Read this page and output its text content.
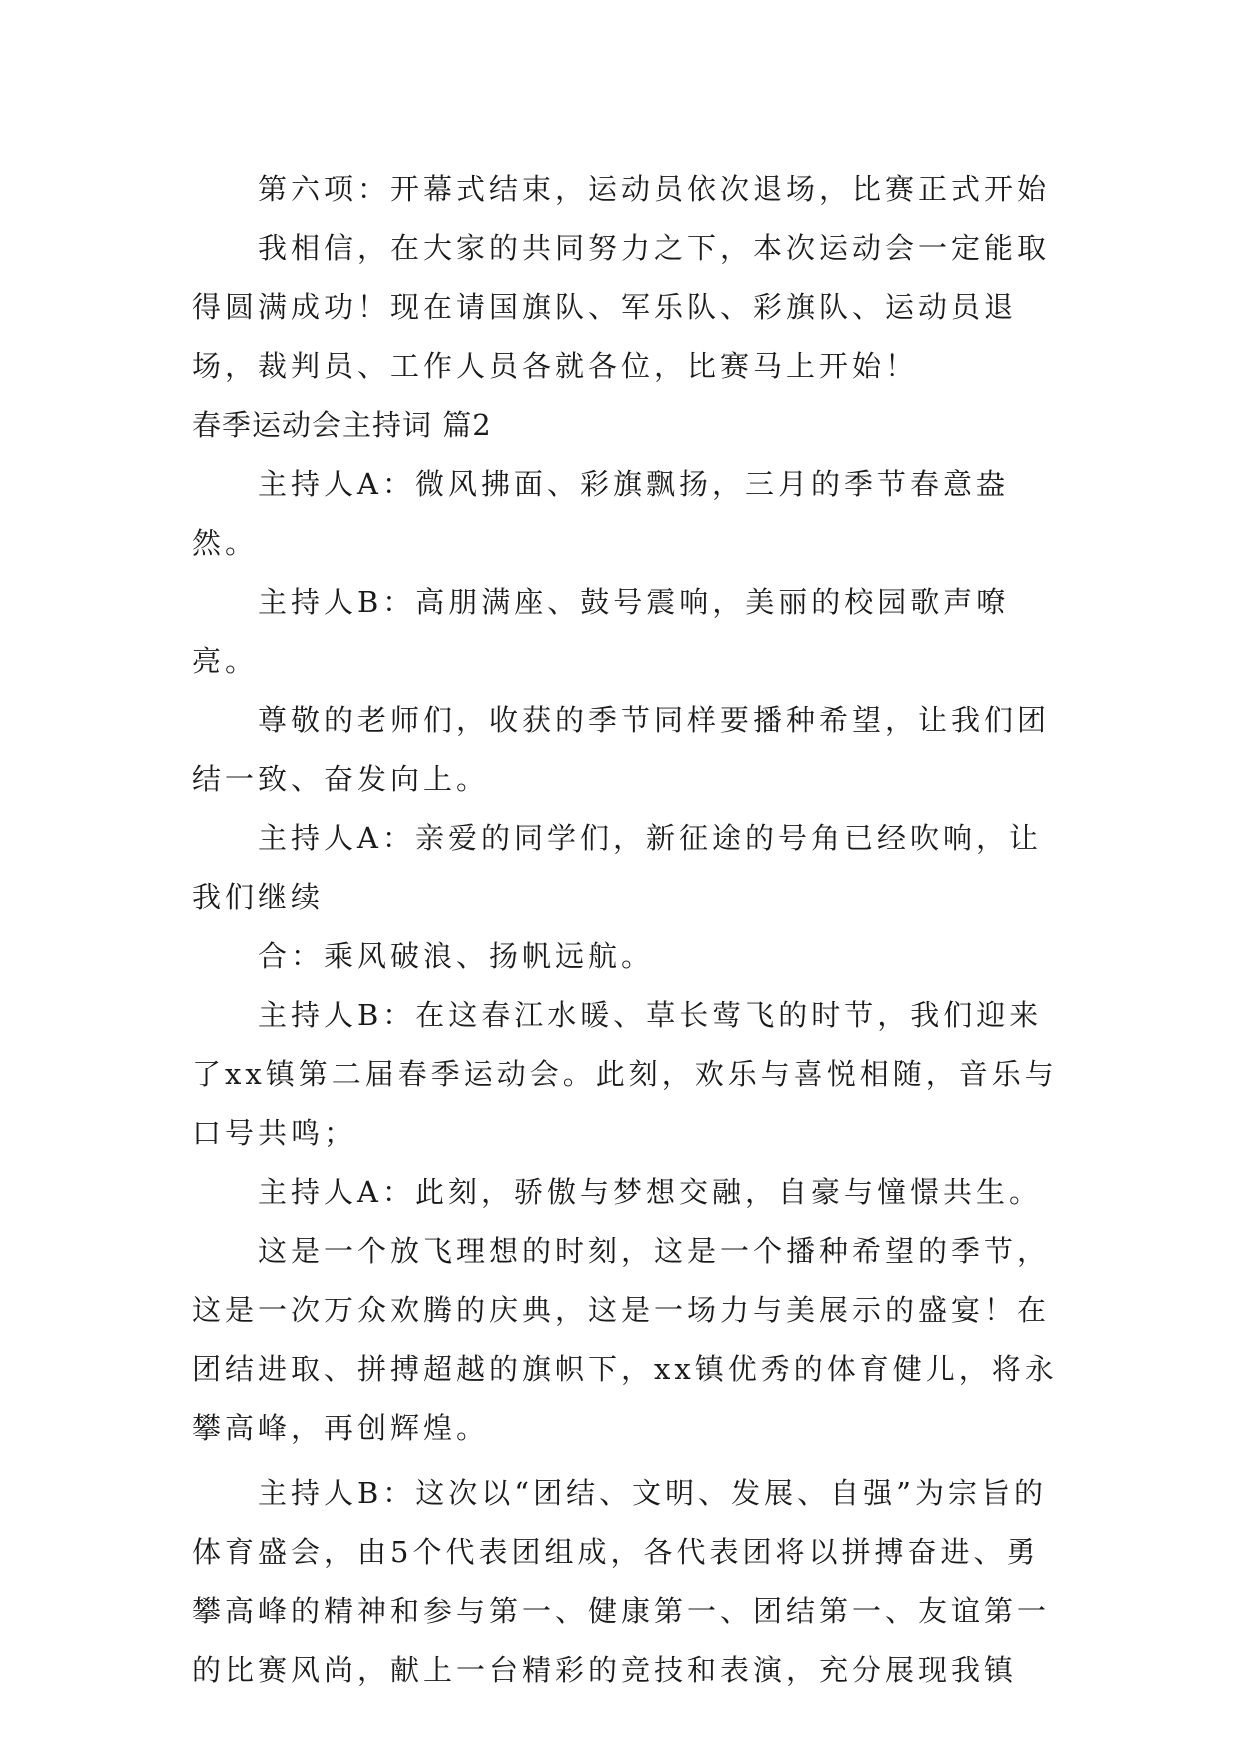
第六项：开幕式结束，运动员依次退场，比赛正式开始

我相信，在大家的共同努力之下，本次运动会一定能取得圆满成功！现在请国旗队、军乐队、彩旗队、运动员退场，裁判员、工作人员各就各位，比赛马上开始！

春季运动会主持词 篇2

主持人A：微风拂面、彩旗飘扬，三月的季节春意盎然。

主持人B：高朋满座、鼓号震响，美丽的校园歌声嘹亮。

尊敬的老师们，收获的季节同样要播种希望，让我们团结一致、奋发向上。

主持人A：亲爱的同学们，新征途的号角已经吹响，让我们继续

合：乘风破浪、扬帆远航。

主持人B：在这春江水暖、草长莺飞的时节，我们迎来了xx镇第二届春季运动会。此刻，欢乐与喜悦相随，音乐与口号共鸣；

主持人A：此刻，骄傲与梦想交融，自豪与憧憬共生。

这是一个放飞理想的时刻，这是一个播种希望的季节，这是一次万众欢腾的庆典，这是一场力与美展示的盛宴！在团结进取、拼搏超越的旗帜下，xx镇优秀的体育健儿，将永攀高峰，再创辉煌。

主持人B：这次以“团结、文明、发展、自强”为宗旨的体育盛会，由5个代表团组成，各代表团将以拼搏奋进、勇攀高峰的精神和参与第一、健康第一、团结第一、友谊第一的比赛风尚，献上一台精彩的竞技和表演，充分展现我镇
